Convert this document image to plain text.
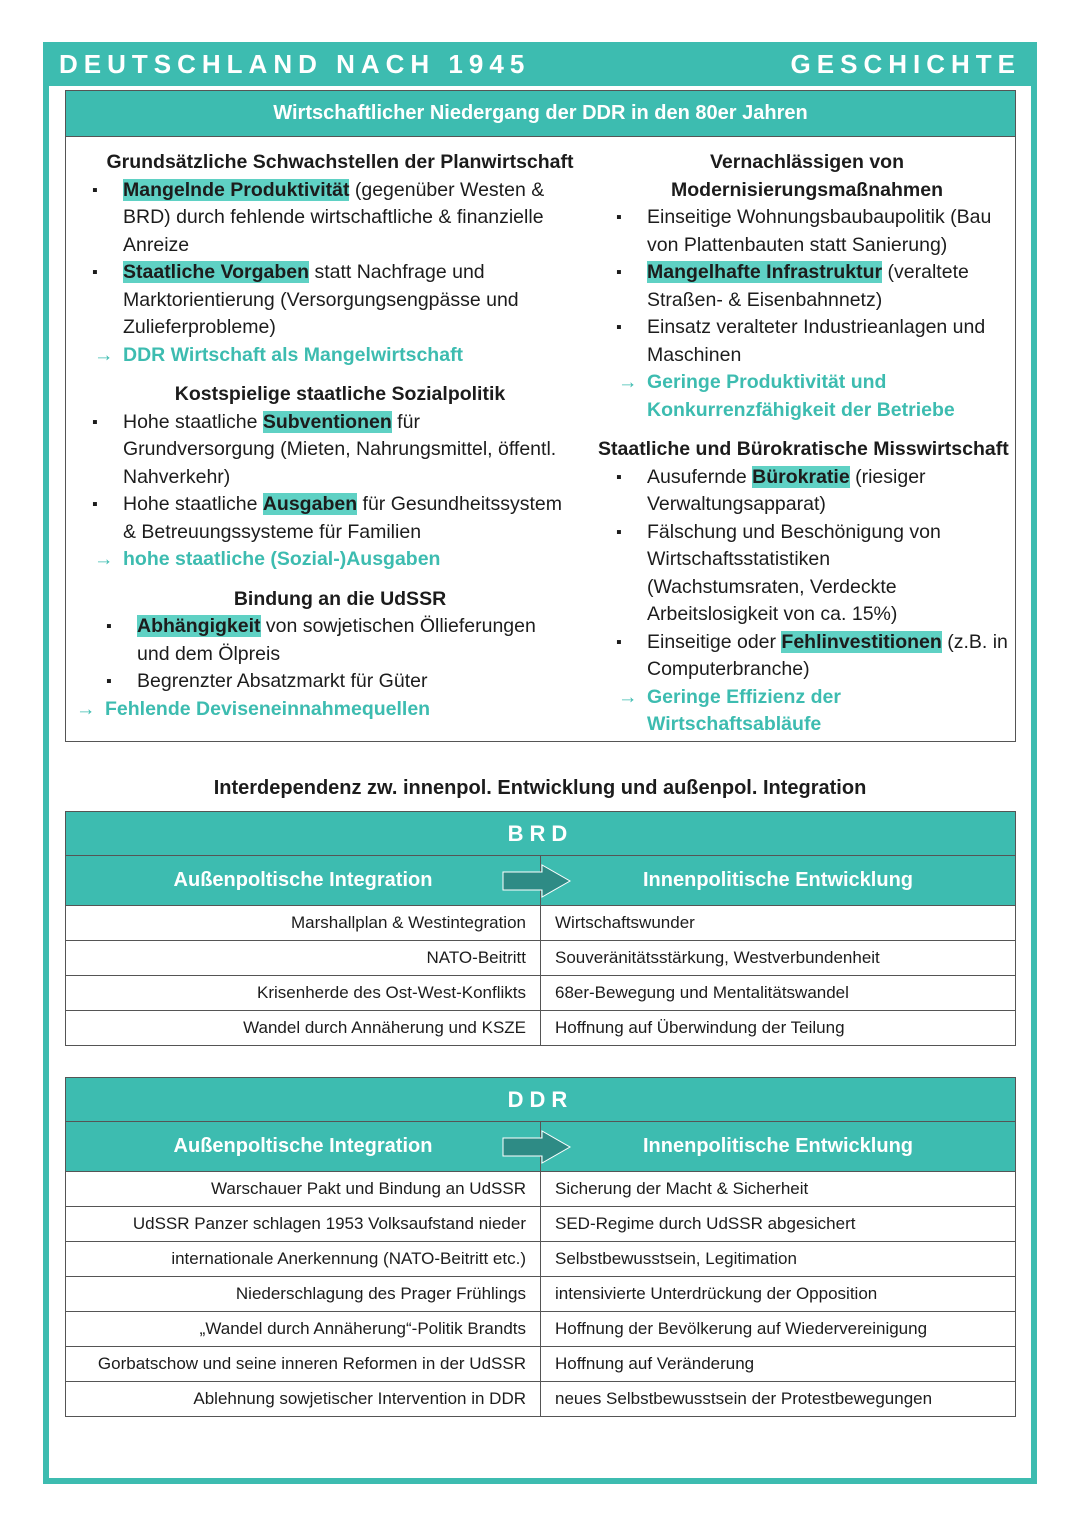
DEUTSCHLAND NACH 1945	GESCHICHTE
Wirtschaftlicher Niedergang der DDR in den 80er Jahren
Grundsätzliche Schwachstellen der Planwirtschaft
▪ Mangelnde Produktivität (gegenüber Westen &
BRD) durch fehlende wirtschaftliche & finanzielle
Anreize
▪ Staatliche Vorgaben statt Nachfrage und
Marktorientierung (Versorgungsengpässe und
Zulieferprobleme)
→ DDR Wirtschaft als Mangelwirtschaft
Kostspielige staatliche Sozialpolitik
▪ Hohe staatliche Subventionen für
Grundversorgung (Mieten, Nahrungsmittel, öffentl.
Nahverkehr)
▪ Hohe staatliche Ausgaben für Gesundheitssystem
& Betreuungssysteme für Familien
→ hohe staatliche (Sozial-)Ausgaben
Bindung an die UdSSR
▪ Abhängigkeit von sowjetischen Öllieferungen
und dem Ölpreis
▪ Begrenzter Absatzmarkt für Güter
→ Fehlende Deviseneinnahmequellen
Vernachlässigen von
Modernisierungsmaßnahmen
▪ Einseitige Wohnungsbaubaupolitik (Bau
von Plattenbauten statt Sanierung)
▪ Mangelhafte Infrastruktur (veraltete
Straßen- & Eisenbahnnetz)
▪ Einsatz veralteter Industrieanlagen und
Maschinen
→ Geringe Produktivität und
Konkurrenzfähigkeit der Betriebe
Staatliche und Bürokratische Misswirtschaft
▪ Ausufernde Bürokratie (riesiger
Verwaltungsapparat)
▪ Fälschung und Beschönigung von
Wirtschaftsstatistiken
(Wachstumsraten, Verdeckte
Arbeitslosigkeit von ca. 15%)
▪ Einseitige oder Fehlinvestitionen (z.B. in
Computerbranche)
→ Geringe Effizienz der
Wirtschaftsabläufe
Interdependenz zw. innenpol. Entwicklung und außenpol. Integration
BRD	
Außenpoltische Integration	Innenpolitische Entwicklung
Marshallplan & Westintegration	Wirtschaftswunder
NATO-Beitritt	Souveränitätsstärkung, Westverbundenheit
Krisenherde des Ost-West-Konflikts	68er-Bewegung und Mentalitätswandel
Wandel durch Annäherung und KSZE	Hoffnung auf Überwindung der Teilung
DDR	
Außenpoltische Integration	Innenpolitische Entwicklung
Warschauer Pakt und Bindung an UdSSR	Sicherung der Macht & Sicherheit
UdSSR Panzer schlagen 1953 Volksaufstand nieder	SED-Regime durch UdSSR abgesichert
internationale Anerkennung (NATO-Beitritt etc.)	Selbstbewusstsein, Legitimation
Niederschlagung des Prager Frühlings	intensivierte Unterdrückung der Opposition
„Wandel durch Annäherung“-Politik Brandts	Hoffnung der Bevölkerung auf Wiedervereinigung
Gorbatschow und seine inneren Reformen in der UdSSR	Hoffnung auf Veränderung
Ablehnung sowjetischer Intervention in DDR	neues Selbstbewusstsein der Protestbewegungen
